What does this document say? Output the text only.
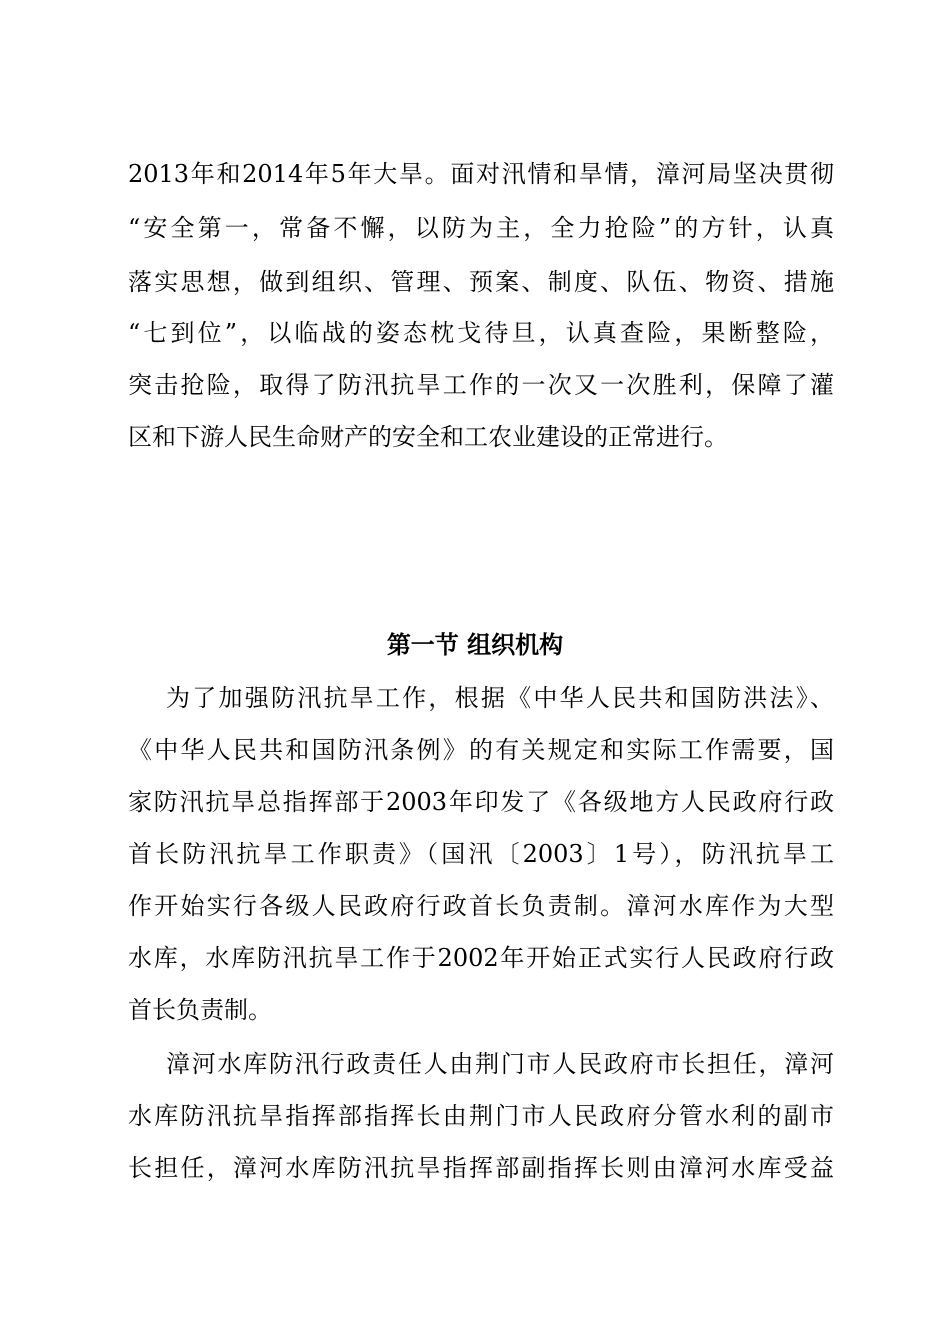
2013年和2014年5年大旱。面对汛情和旱情，漳河局坚决贯彻
“安全第一，常备不懈，以防为主，全力抢险”的方针，认真
落实思想，做到组织、管理、预案、制度、队伍、物资、措施
“七到位”，以临战的姿态枕戈待旦，认真查险，果断整险，
突击抢险，取得了防汛抗旱工作的一次又一次胜利，保障了灌
区和下游人民生命财产的安全和工农业建设的正常进行。
第一节 组织机构
为了加强防汛抗旱工作，根据《中华人民共和国防洪法》、
《中华人民共和国防汛条例》的有关规定和实际工作需要，国
家防汛抗旱总指挥部于2003年印发了《各级地方人民政府行政
首长防汛抗旱工作职责》（国汛〔2003〕1号），防汛抗旱工
作开始实行各级人民政府行政首长负责制。漳河水库作为大型
水库，水库防汛抗旱工作于2002年开始正式实行人民政府行政
首长负责制。
漳河水库防汛行政责任人由荆门市人民政府市长担任，漳河
水库防汛抗旱指挥部指挥长由荆门市人民政府分管水利的副市
长担任，漳河水库防汛抗旱指挥部副指挥长则由漳河水库受益
